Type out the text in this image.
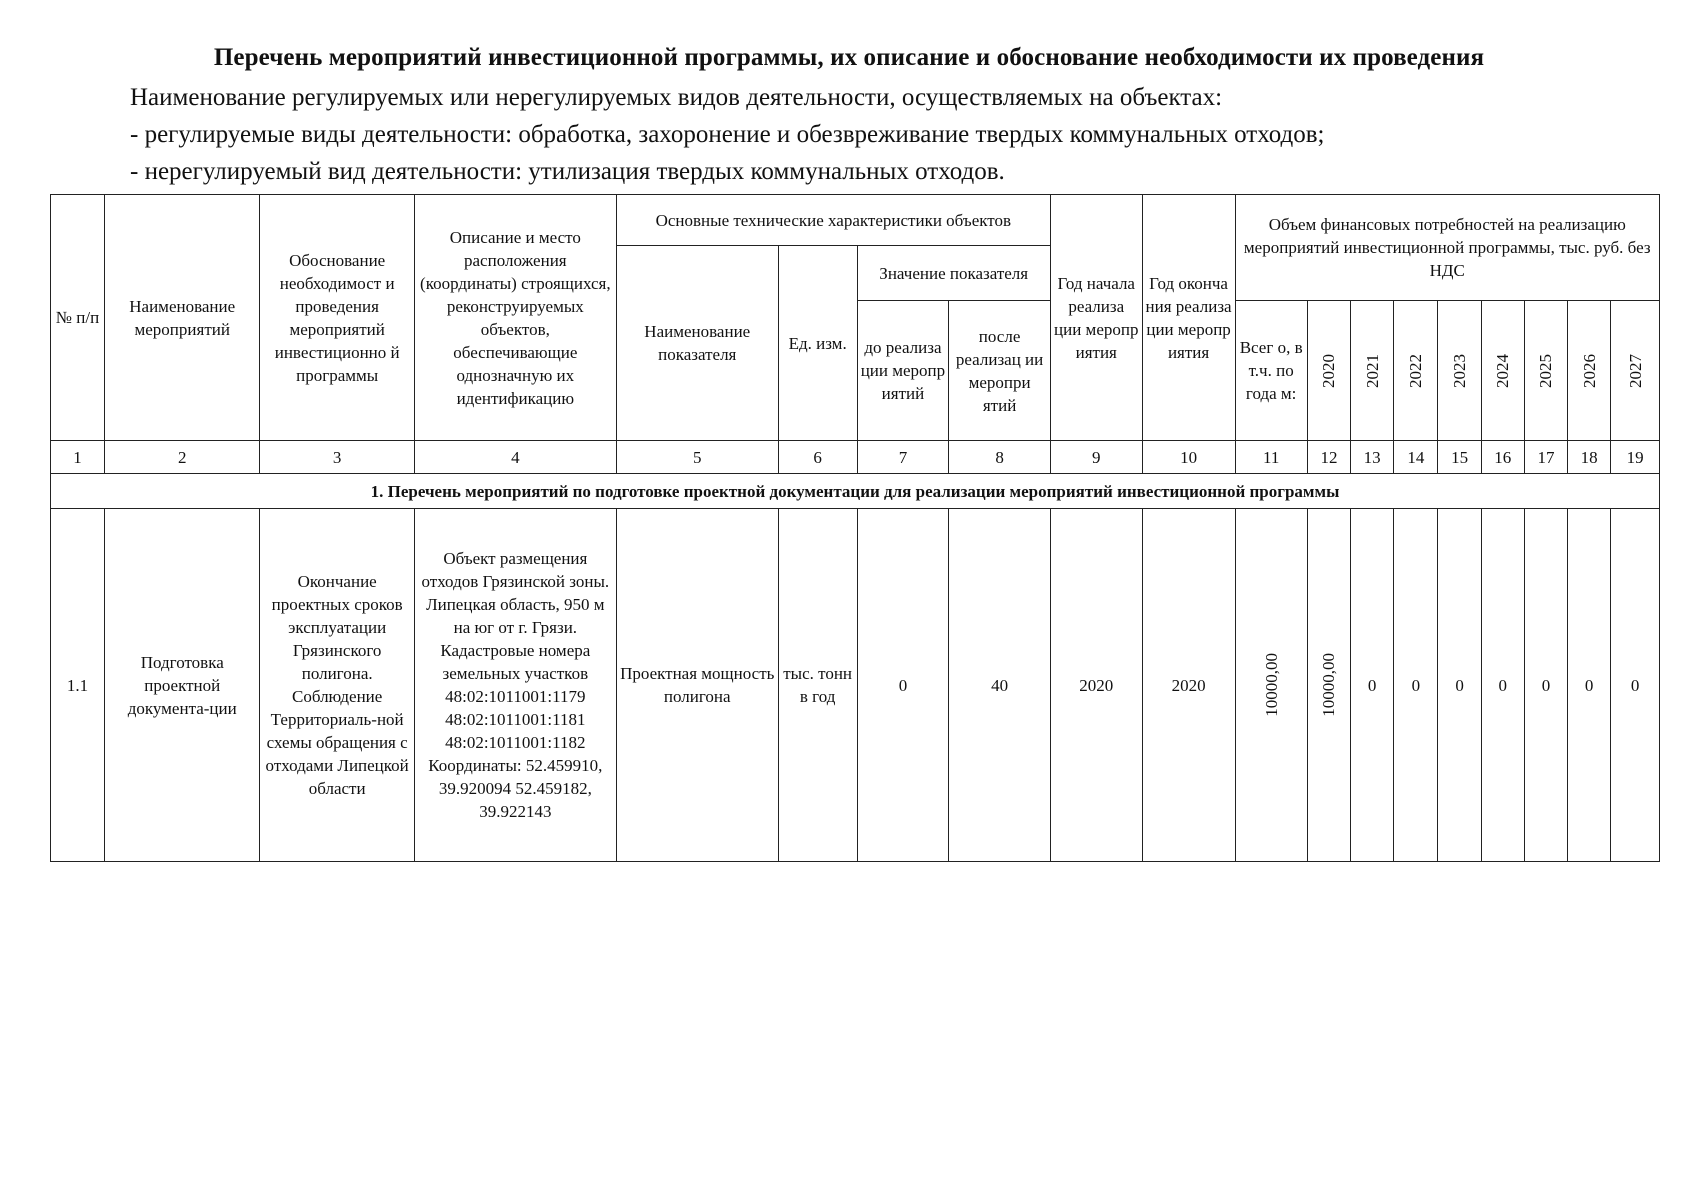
Перечень мероприятий инвестиционной программы, их описание и обоснование необходимости их проведения
Наименование регулируемых или нерегулируемых видов деятельности, осуществляемых на объектах:
- регулируемые виды деятельности: обработка, захоронение и обезвреживание твердых коммунальных отходов;
- нерегулируемый вид деятельности: утилизация твердых коммунальных отходов.
№ п/п	Наименование мероприятий	Обоснование необходимост и проведения мероприятий инвестиционно й программы	Описание и место расположения (координаты) строящихся, реконструируемых объектов, обеспечивающие однозначную их идентификацию	Основные технические характеристики объектов				Год начала реализа ции меропр иятия	Год оконча ния реализа ции меропр иятия	Объем финансовых потребностей на реализацию мероприятий инвестиционной программы, тыс. руб. без НДС								
				Наименование показателя	Ед. изм.	Значение показателя												
						до реализа ции меропр иятий	после реализац ии меропри ятий			Всег о, в т.ч. по года м:	2020	2021	2022	2023	2024	2025	2026	2027

1	2	3	4	5	6	7	8	9	10	11	12	13	14	15	16	17	18	19
1. Перечень мероприятий по подготовке проектной документации для реализации мероприятий инвестиционной программы																		
1.1	Подготовка проектной документа-ции	Окончание проектных сроков эксплуатации Грязинского полигона. Соблюдение Территориаль-ной схемы обращения с отходами Липецкой области	Объект размещения отходов Грязинской зоны. Липецкая область, 950 м на юг от г. Грязи. Кадастровые номера земельных участков 48:02:1011001:1179 48:02:1011001:1181 48:02:1011001:1182 Координаты: 52.459910, 39.920094 52.459182, 39.922143	Проектная мощность полигона	тыс. тонн в год	0	40	2020	2020	10000,00	10000,00	0	0	0	0	0	0	0
